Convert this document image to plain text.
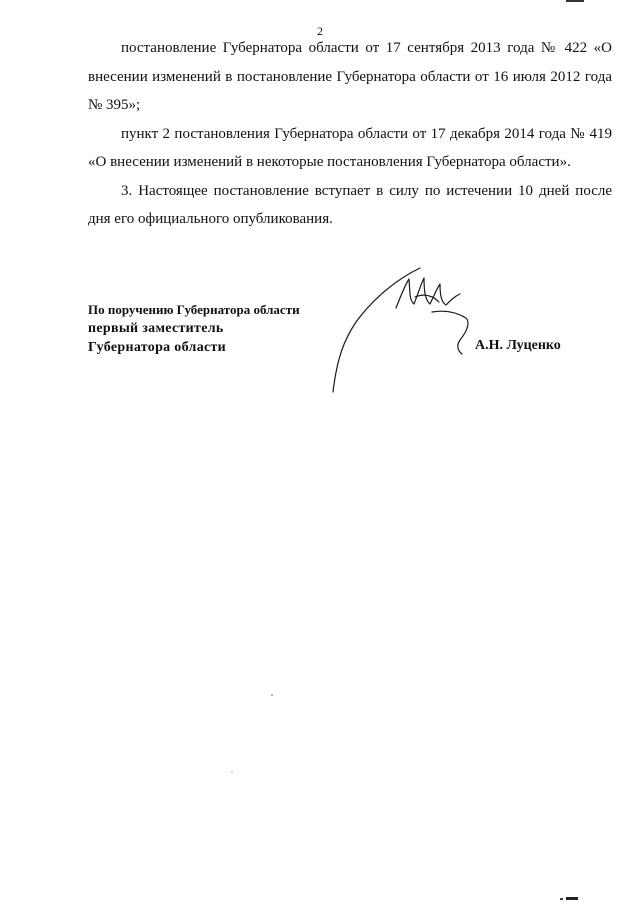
2

постановление Губернатора области от 17 сентября 2013 года № 422 «О внесении изменений в постановление Губернатора области от 16 июля 2012 года № 395»;

пункт 2 постановления Губернатора области от 17 декабря 2014 года № 419 «О внесении изменений в некоторые постановления Губернатора области».

3. Настоящее постановление вступает в силу по истечении 10 дней после дня его официального опубликования.

По поручению Губернатора области
первый заместитель
Губернатора области	А.Н. Луценко
